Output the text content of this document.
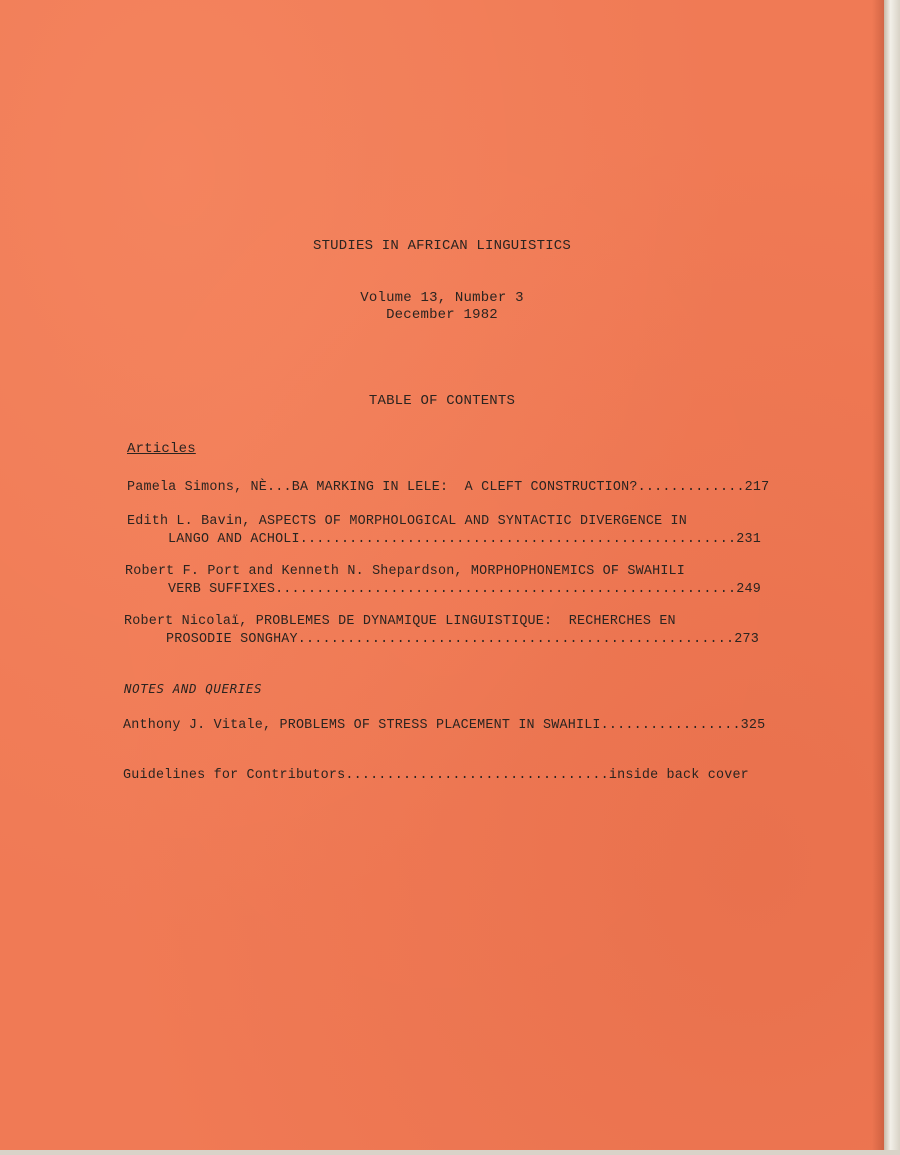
STUDIES IN AFRICAN LINGUISTICS
Volume 13, Number 3
December 1982
TABLE OF CONTENTS
Articles
Pamela Simons, NÈ...BA MARKING IN LELE:  A CLEFT CONSTRUCTION?.............217
Edith L. Bavin, ASPECTS OF MORPHOLOGICAL AND SYNTACTIC DIVERGENCE IN
LANGO AND ACHOLI.....................................................231
Robert F. Port and Kenneth N. Shepardson, MORPHOPHONEMICS OF SWAHILI
VERB SUFFIXES........................................................249
Robert Nicolaï, PROBLEMES DE DYNAMIQUE LINGUISTIQUE:  RECHERCHES EN
PROSODIE SONGHAY.....................................................273
NOTES AND QUERIES
Anthony J. Vitale, PROBLEMS OF STRESS PLACEMENT IN SWAHILI.................325
Guidelines for Contributors................................inside back cover
